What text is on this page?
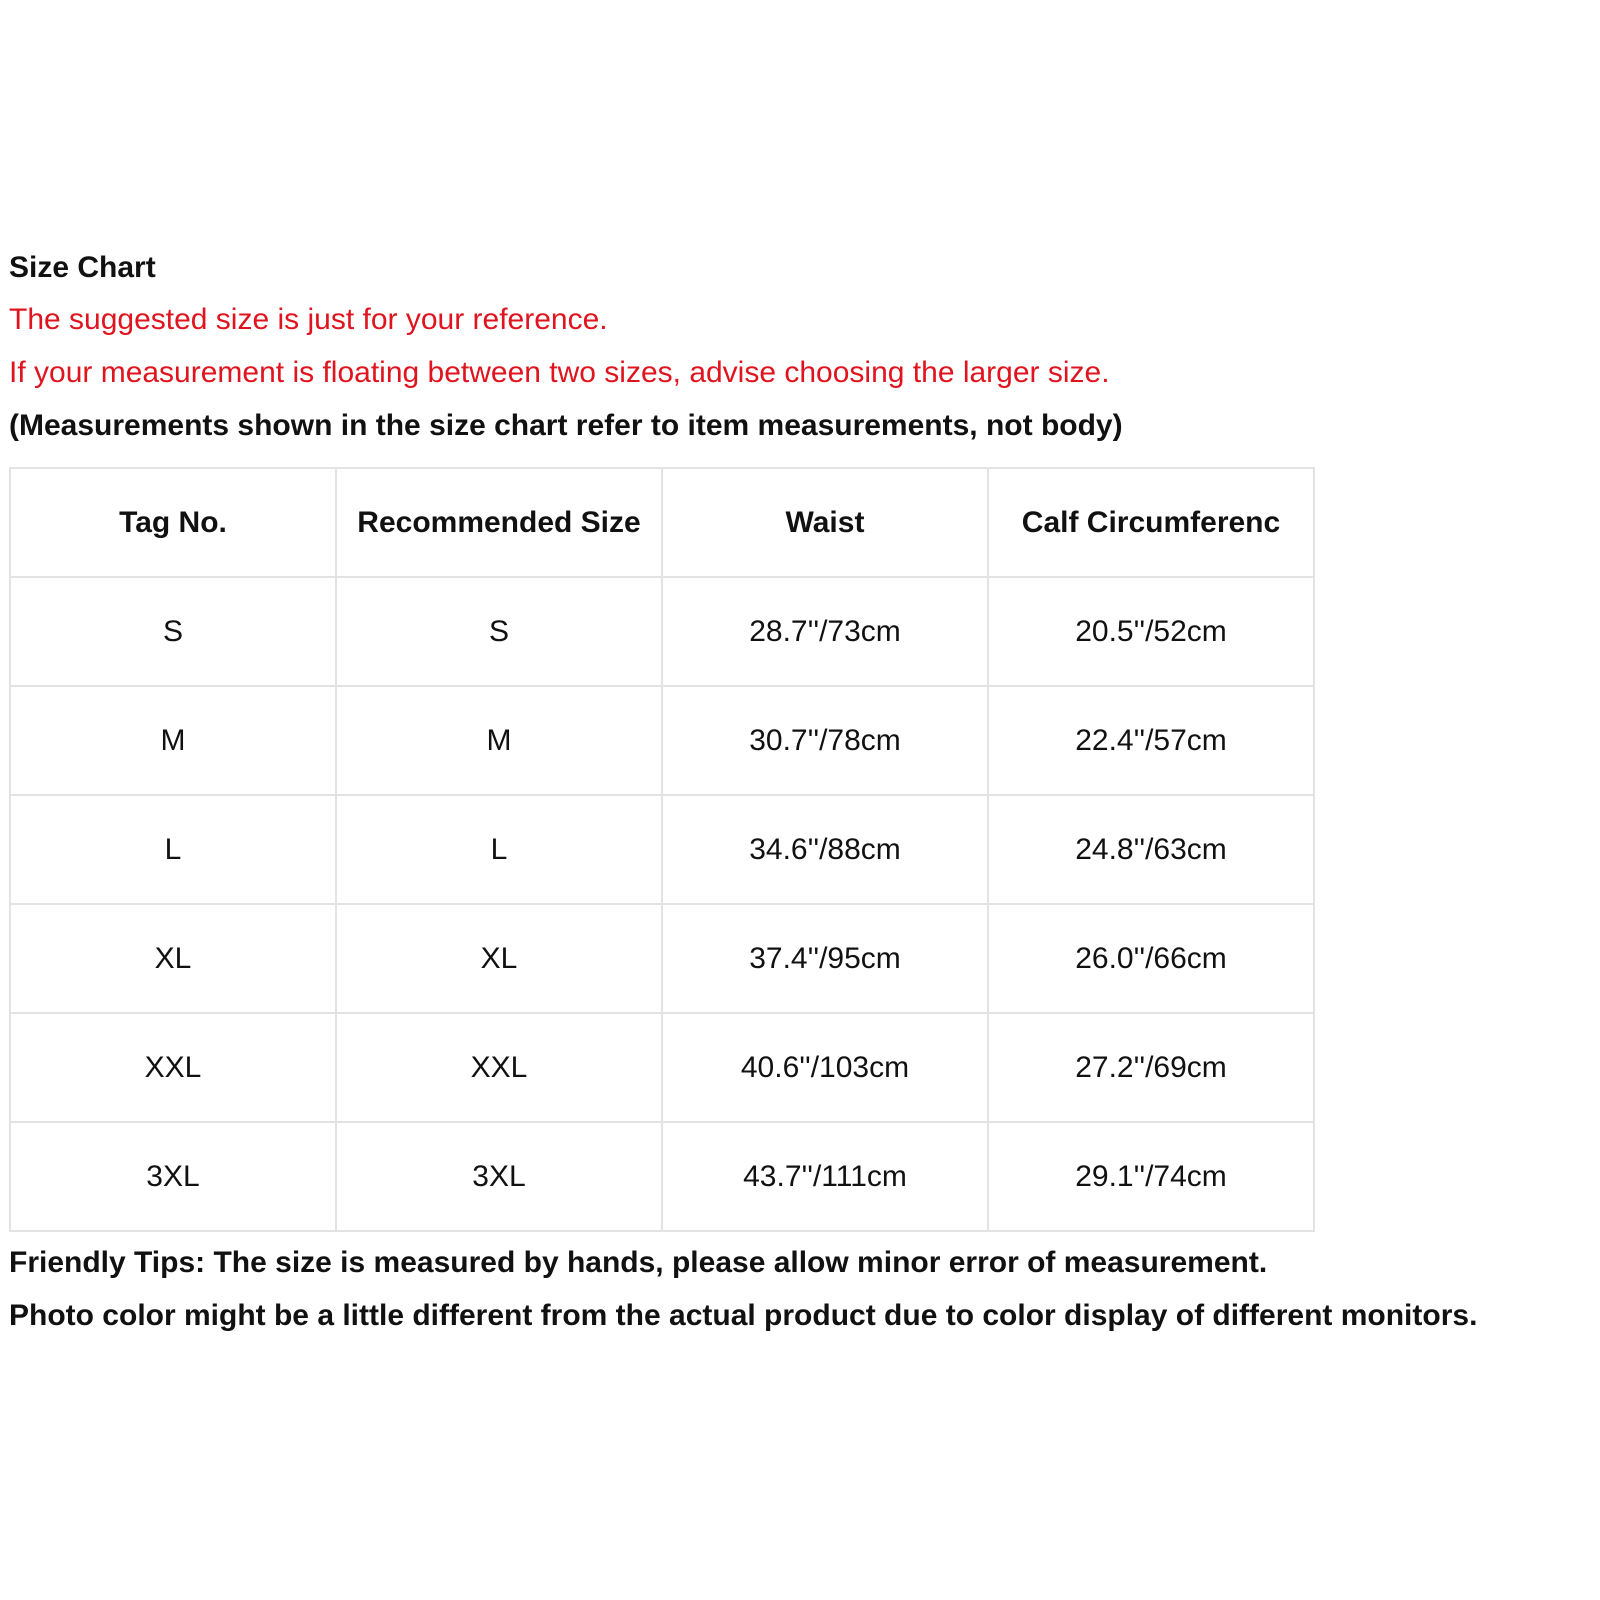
Size Chart

The suggested size is just for your reference.

If your measurement is floating between two sizes, advise choosing the larger size.

(Measurements shown in the size chart refer to item measurements, not body)

Tag No.	Recommended Size	Waist	Calf Circumferenc
S	S	28.7''/73cm	20.5''/52cm
M	M	30.7''/78cm	22.4''/57cm
L	L	34.6''/88cm	24.8''/63cm
XL	XL	37.4''/95cm	26.0''/66cm
XXL	XXL	40.6''/103cm	27.2''/69cm
3XL	3XL	43.7''/111cm	29.1''/74cm

Friendly Tips: The size is measured by hands, please allow minor error of measurement.

Photo color might be a little different from the actual product due to color display of different monitors.
